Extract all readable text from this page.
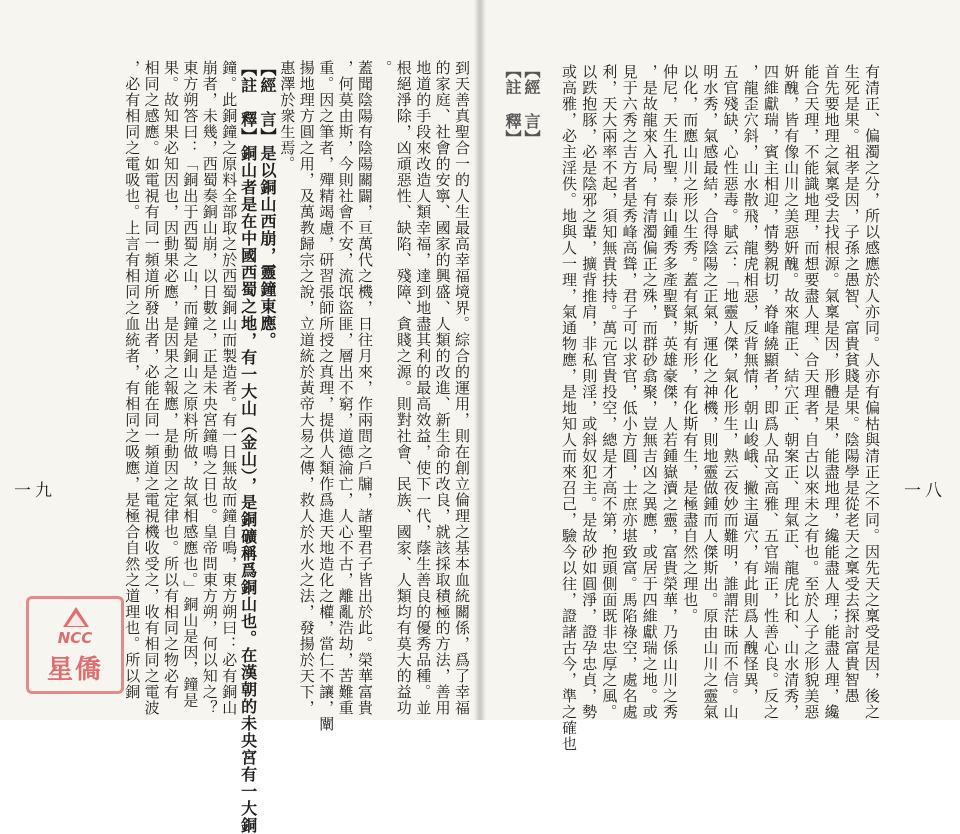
到天善真聖合一的人生最高幸福境界。綜合的運用，則在創立倫理之基本血統關係，爲了幸福
的家庭、社會的安寧、國家的興盛、人類的改進、新生命的改良，就該採取積極的方法，善用
地道的手段來改造人類幸福，達到地盡其利的最高效益，使下一代，蔭生善良的優秀品種。並
根絕淨除，凶頑惡性、缺陷、殘障、貪賤之源。則對社會、民族、國家、人類均有莫大的益功
。
蓋聞陰陽有陰陽關闢，亘萬代之機，日往月來，作兩間之戶牖，諸聖君子皆出於此。榮華富貴
，何莫由斯，今則社會不安，流氓盜匪，層出不窮，道德淪亡，人心不古，離亂浩劫，苦難重
重。因之筆者，殫精竭慮，研習張師所授之真理，提供人類作爲進天地造化之權，當仁不讓，闡
揚地理方圓之用，及萬教歸宗之說，立道統於黃帝大易之傳，救人於水火之法，發揚於天下，
惠澤於衆生焉。
【經　言】是以銅山西崩，靈鐘東應。
【註　釋】銅山者是在中國西蜀之地，有一大山（金山），是銅礦稱爲銅山也。在漢朝的未央宮有一大銅
鐘。此銅鐘之原料全部取之於西蜀銅山而製造者。有一日無故而鐘自鳴，東方朔曰：必有銅山
崩者，未幾，西蜀奏銅山崩，以日數之，正是未央宮鐘鳴之日也。皇帝問東方朔，何以知之？
東方朔答曰：「銅出于西蜀之山，而鐘是銅山之原料所做，故氣相感應也。」銅山是因，鐘是
果。故知果必知因也，因動果必應，是因果之報應，是動因之定律也。所以有相同之物必有
相同之感應。如電視有同一頻道所發出者，必能在同一頻道之電視機收受之，收有相同之電波
，必有相同之電吸也。上言有相同之血統者，有相同之吸應，是極合自然之道理也。所以銅
一九
NCC
星僑	有清正、偏濁之分，所以感應於人亦同。人亦有偏枯與清正之不同。因先天之稟受是因，後之
生死是果。祖孝是因，子孫之愚智、富貴貧賤是果。陰陽學是從老天之稟受去探討富貴智愚
首先要地理之氣稟受去找根源。氣稟是因，形體是果，能盡地理，纔能盡人理；能盡人理，纔
能合天理，不能識地理，而想要盡人理、合天理者，自古以來未之有也。至於人子之形貌美惡
姸醜，皆有像山川之美惡姸醜。故來龍正、結穴正、朝案正、理氣正、龍虎比和、山水清秀，
四維獻瑞，賓主相迎，情勢親切，脊峰繞顯者，即爲人品文高雅、五官端正，性善心良。反之
，龍歪穴斜，山水散飛，龍虎相惡，反背無情，朝山峻峨、撇主逼穴，有此則爲人醜怪異，
五官殘缺，心性惡毒。賦云：「地靈人傑，氣化形生，熟云夜妙而難明，誰謂茫昧而不信。山
明水秀，氣感最結，合得陰陽之正氣，運化之神機，則地靈做鍾而人傑斯出。原由山川之靈氣
以化，而應山川之形以生秀。蓋有氣斯有形，有化斯有生，是極盡自然之理也。
仲尼，天生孔聖，泰山鍾秀多產聖賢，英雄豪傑，人若鍾嶽瀆之靈，富貴榮華，乃係山川之秀
，是故龍來入局，有清濁偏正之殊，而群砂翕聚，豈無吉凶之異應，或居于四維獻瑞之地。或
見于六秀之吉方者是秀峰高聳，君子可以求官，低小方圓，士庶亦堪致富。馬陷祿空，處名處
利，天大兩率不起，須知無貴扶持。萬元官貴投空，總是才高不第，抱頭側面既非忠厚之風。
以跌抱豚，必是陰邪之輩，擴背推肩，非私則淫，或斜奴犯主。是故砂如圓淨，證孕忠貞，勢
或高雅，必主淫佚。地與人一理，氣通物應，是地知人而來召己，驗今以往，證諸古今，準之確也
【經　言】
【註　釋】
一八
